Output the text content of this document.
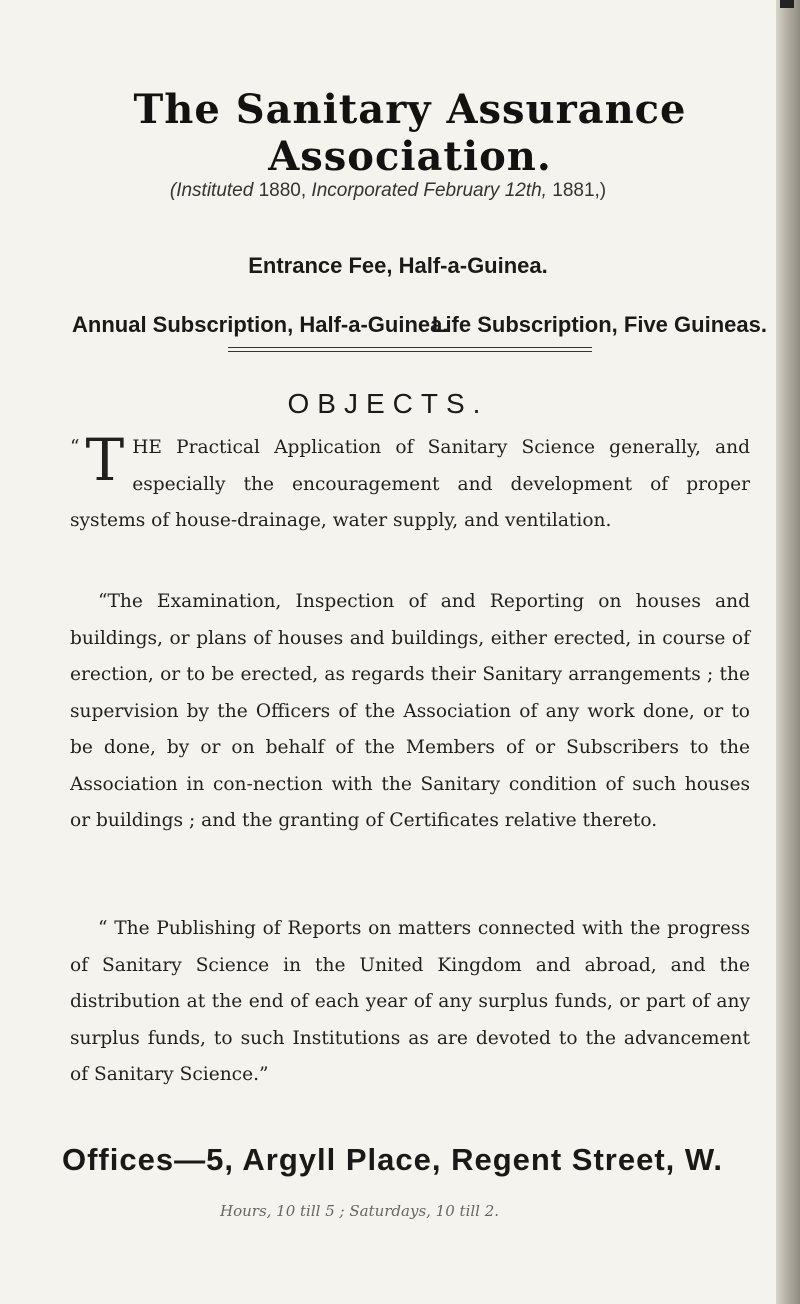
The Sanitary Assurance Association.
(Instituted 1880, Incorporated February 12th, 1881,)
Entrance Fee, Half-a-Guinea.
Annual Subscription, Half-a-Guinea.
Life Subscription, Five Guineas.
OBJECTS.
“ T HE Practical Application of Sanitary Science generally, and especially the encouragement and development of proper systems of house-drainage, water supply, and ventilation.
“The Examination, Inspection of and Reporting on houses and buildings, or plans of houses and buildings, either erected, in course of erection, or to be erected, as regards their Sanitary arrangements ; the supervision by the Officers of the Association of any work done, or to be done, by or on behalf of the Members of or Subscribers to the Association in con-nection with the Sanitary condition of such houses or buildings ; and the granting of Certificates relative thereto.
“ The Publishing of Reports on matters connected with the progress of Sanitary Science in the United Kingdom and abroad, and the distribution at the end of each year of any surplus funds, or part of any surplus funds, to such Institutions as are devoted to the advancement of Sanitary Science.”
Offices—5, Argyll Place, Regent Street, W.
Hours, 10 till 5 ; Saturdays, 10 till 2.
